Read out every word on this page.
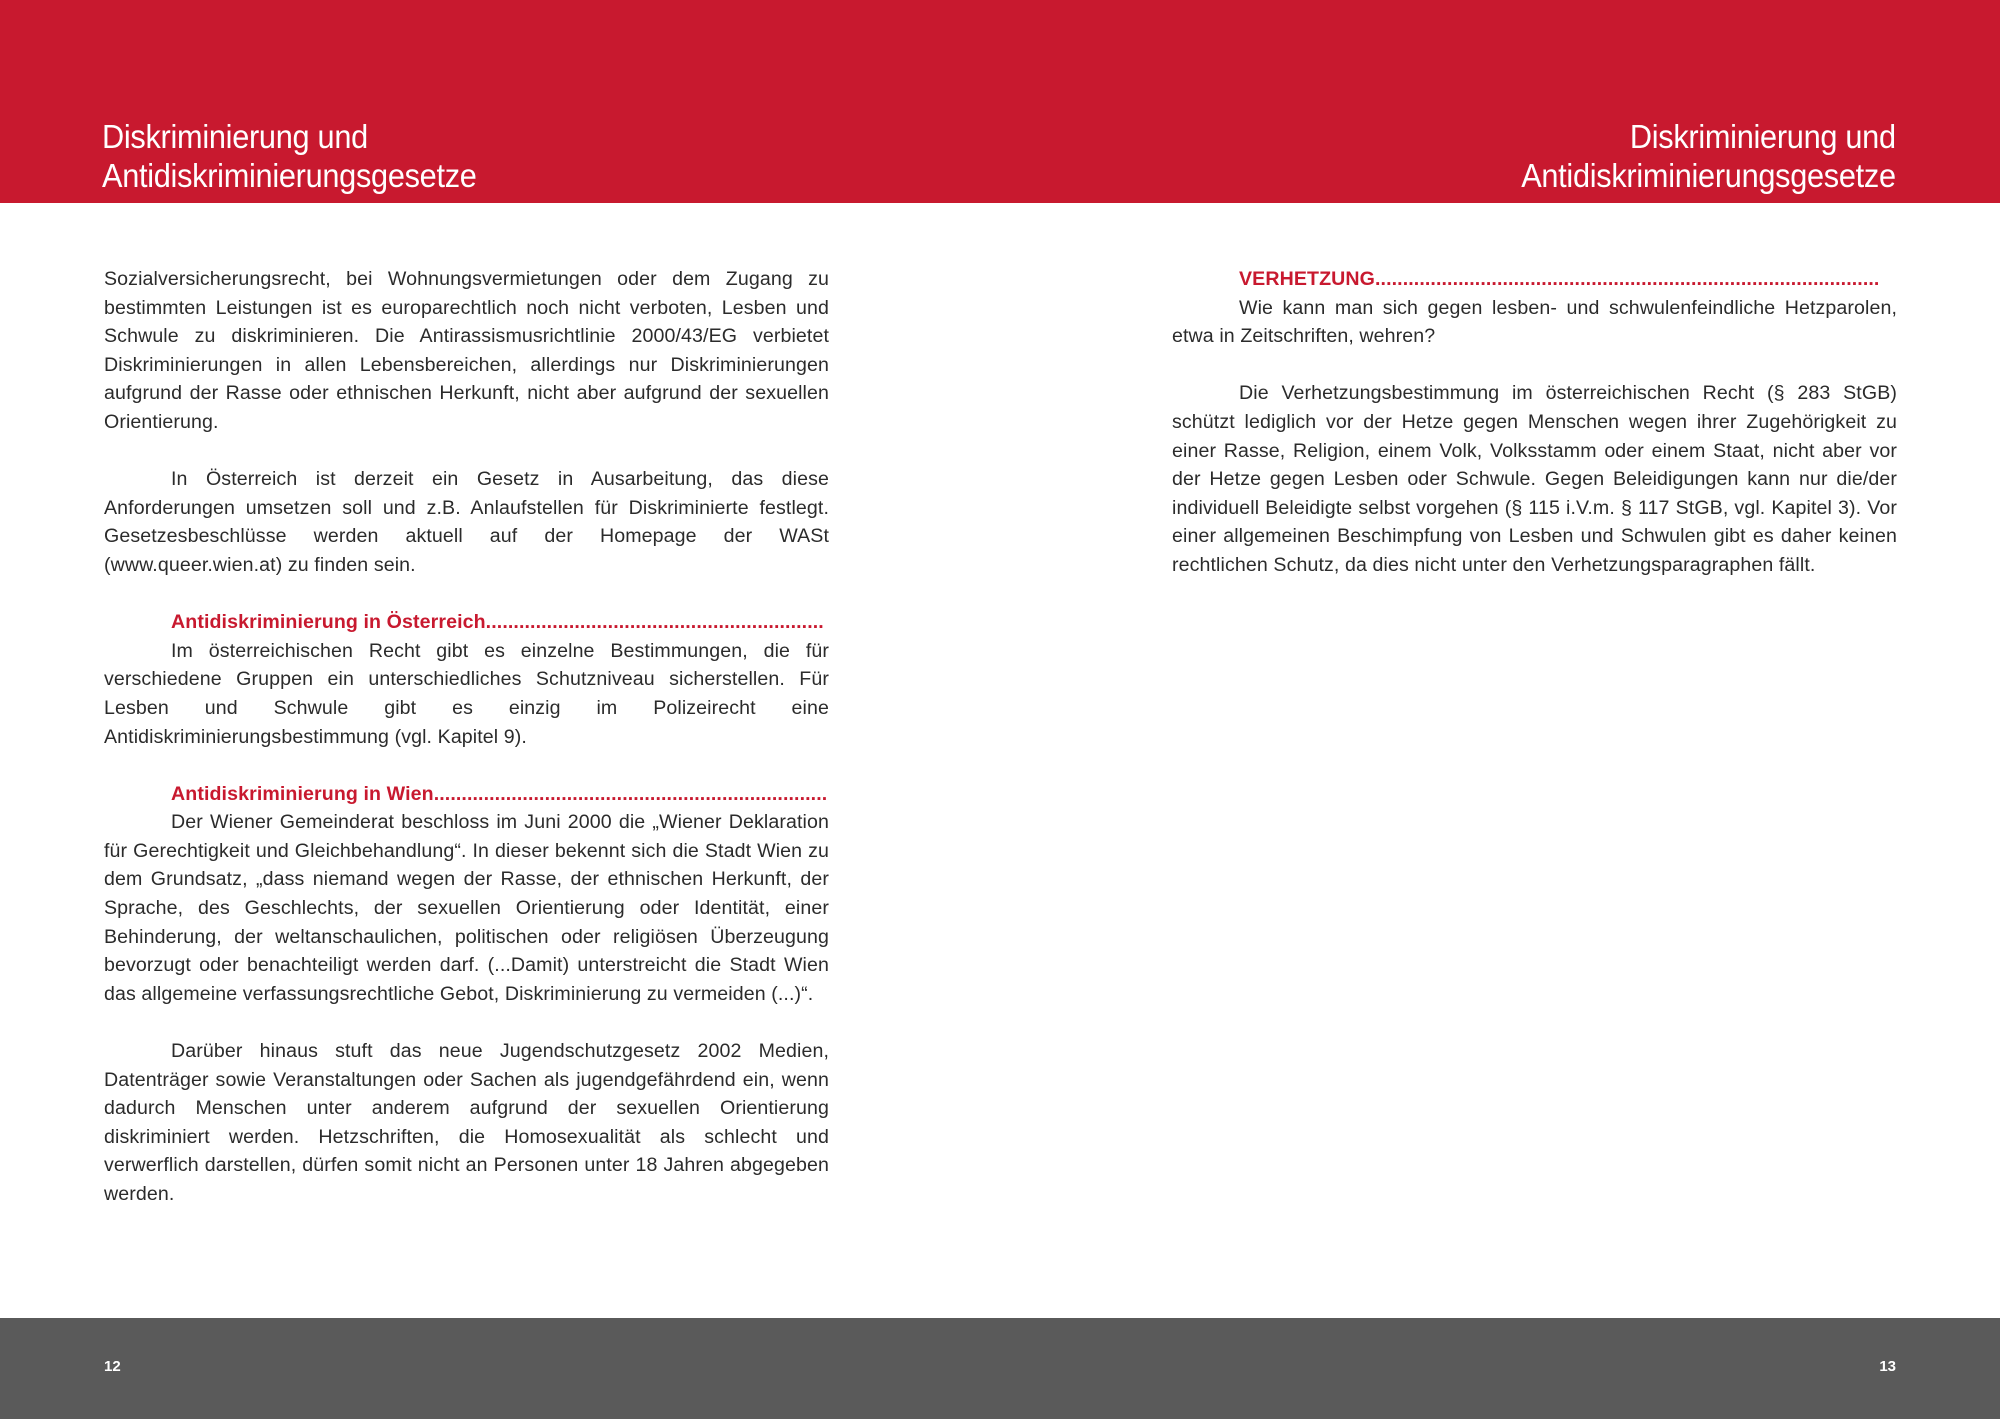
Diskriminierung und
Antidiskriminierungsgesetze
Diskriminierung und
Antidiskriminierungsgesetze

Sozialversicherungsrecht, bei Wohnungsvermietungen oder dem Zugang zu bestimmten Leistungen ist es europarechtlich noch nicht verboten, Lesben und Schwule zu diskriminieren. Die Antirassismusrichtlinie 2000/43/EG verbietet Diskriminierungen in allen Lebensbereichen, allerdings nur Diskriminierungen aufgrund der Rasse oder ethnischen Herkunft, nicht aber aufgrund der sexuellen Orientierung.

In Österreich ist derzeit ein Gesetz in Ausarbeitung, das diese Anforderungen umsetzen soll und z.B. Anlaufstellen für Diskriminierte festlegt. Gesetzesbeschlüsse werden aktuell auf der Homepage der WASt (www.queer.wien.at) zu finden sein.

Antidiskriminierung in Österreich.............................................................

Im österreichischen Recht gibt es einzelne Bestimmungen, die für verschiedene Gruppen ein unterschiedliches Schutzniveau sicherstellen. Für Lesben und Schwule gibt es einzig im Polizeirecht eine Antidiskriminierungsbestimmung (vgl. Kapitel 9).

Antidiskriminierung in Wien.......................................................................

Der Wiener Gemeinderat beschloss im Juni 2000 die „Wiener Deklaration für Gerechtigkeit und Gleichbehandlung“. In dieser bekennt sich die Stadt Wien zu dem Grundsatz, „dass niemand wegen der Rasse, der ethnischen Herkunft, der Sprache, des Geschlechts, der sexuellen Orientierung oder Identität, einer Behinderung, der weltanschaulichen, politischen oder religiösen Überzeugung bevorzugt oder benachteiligt werden darf. (...Damit) unterstreicht die Stadt Wien das allgemeine verfassungsrechtliche Gebot, Diskriminierung zu vermeiden (...)“.

Darüber hinaus stuft das neue Jugendschutzgesetz 2002 Medien, Datenträger sowie Veranstaltungen oder Sachen als jugendgefährdend ein, wenn dadurch Menschen unter anderem aufgrund der sexuellen Orientierung diskriminiert werden. Hetzschriften, die Homosexualität als schlecht und verwerflich darstellen, dürfen somit nicht an Personen unter 18 Jahren abgegeben werden.

VERHETZUNG...........................................................................................

Wie kann man sich gegen lesben- und schwulenfeindliche Hetzparolen, etwa in Zeitschriften, wehren?

Die Verhetzungsbestimmung im österreichischen Recht (§ 283 StGB) schützt lediglich vor der Hetze gegen Menschen wegen ihrer Zugehörigkeit zu einer Rasse, Religion, einem Volk, Volksstamm oder einem Staat, nicht aber vor der Hetze gegen Lesben oder Schwule. Gegen Beleidigungen kann nur die/der individuell Beleidigte selbst vorgehen (§ 115 i.V.m. § 117 StGB, vgl. Kapitel 3). Vor einer allgemeinen Beschimpfung von Lesben und Schwulen gibt es daher keinen rechtlichen Schutz, da dies nicht unter den Verhetzungsparagraphen fällt.

12	13
